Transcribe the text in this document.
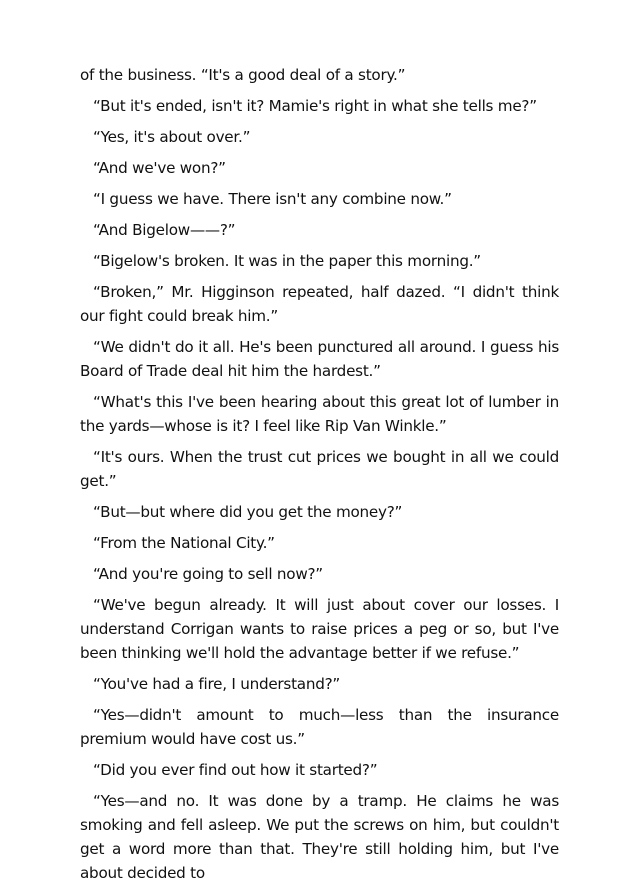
of the business. “It's a good deal of a story.”

“But it's ended, isn't it? Mamie's right in what she tells me?”

“Yes, it's about over.”

“And we've won?”

“I guess we have. There isn't any combine now.”

“And Bigelow——?”

“Bigelow's broken. It was in the paper this morning.”

“Broken,” Mr. Higginson repeated, half dazed. “I didn't think our fight could break him.”

“We didn't do it all. He's been punctured all around. I guess his Board of Trade deal hit him the hardest.”

“What's this I've been hearing about this great lot of lumber in the yards—whose is it? I feel like Rip Van Winkle.”

“It's ours. When the trust cut prices we bought in all we could get.”

“But—but where did you get the money?”

“From the National City.”

“And you're going to sell now?”

“We've begun already. It will just about cover our losses. I understand Corrigan wants to raise prices a peg or so, but I've been thinking we'll hold the advantage better if we refuse.”

“You've had a fire, I understand?”

“Yes—didn't amount to much—less than the insurance premium would have cost us.”

“Did you ever find out how it started?”

“Yes—and no. It was done by a tramp. He claims he was smoking and fell asleep. We put the screws on him, but couldn't get a word more than that. They're still holding him, but I've about decided to
